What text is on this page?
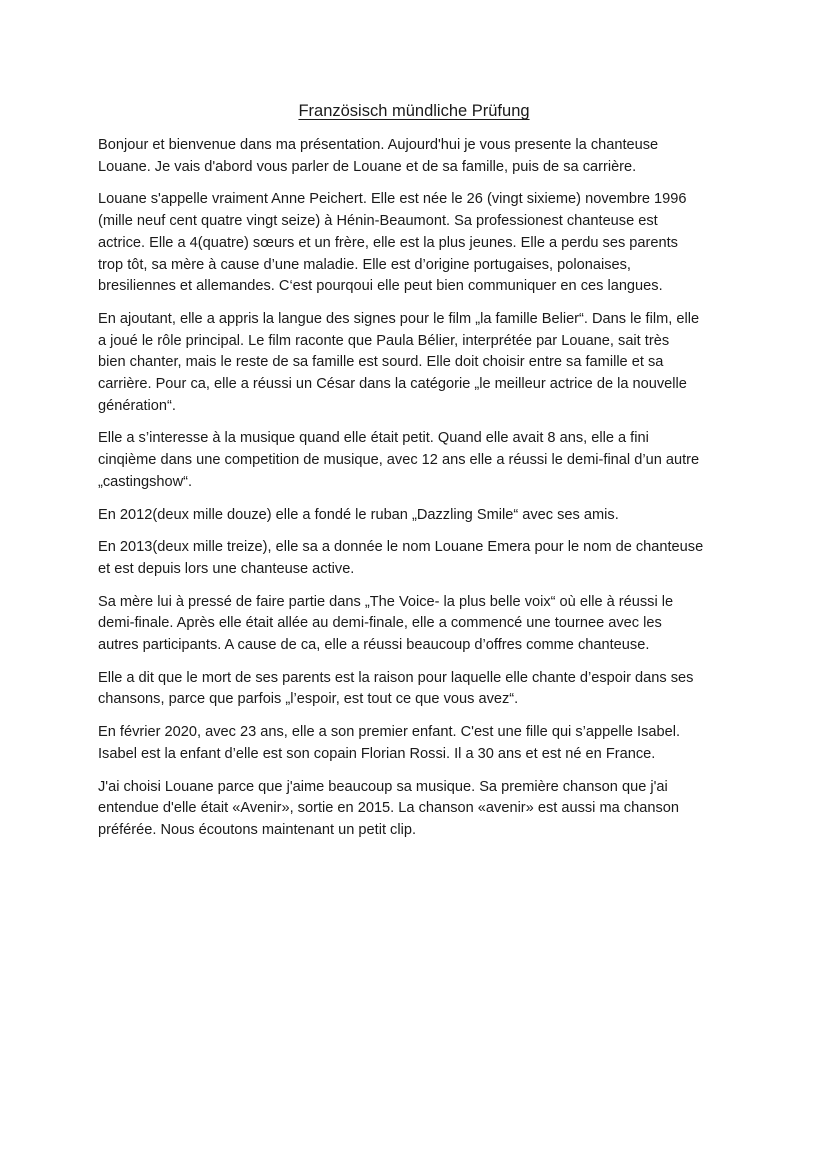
Französisch mündliche Prüfung

Bonjour et bienvenue dans ma présentation. Aujourd'hui je vous presente la chanteuse
Louane. Je vais d'abord vous parler de Louane et de sa famille, puis de sa carrière.

Louane s'appelle vraiment Anne Peichert. Elle est née le 26 (vingt sixieme) novembre 1996
(mille neuf cent quatre vingt seize) à Hénin-Beaumont. Sa professionest chanteuse est
actrice. Elle a 4(quatre) sœurs et un frère, elle est la plus jeunes. Elle a perdu ses parents
trop tôt, sa mère à cause d’une maladie. Elle est d’origine portugaises, polonaises,
bresiliennes et allemandes. C‘est pourqoui elle peut bien communiquer en ces langues.

En ajoutant, elle a appris la langue des signes pour le film „la famille Belier“. Dans le film, elle
a joué le rôle principal. Le film raconte que Paula Bélier, interprétée par Louane, sait très
bien chanter, mais le reste de sa famille est sourd. Elle doit choisir entre sa famille et sa
carrière. Pour ca, elle a réussi un César dans la catégorie „le meilleur actrice de la nouvelle
génération“.

Elle a s’interesse à la musique quand elle était petit. Quand elle avait 8 ans, elle a fini
cinqième dans une competition de musique, avec 12 ans elle a réussi le demi-final d’un autre
„castingshow“.

En 2012(deux mille douze) elle a fondé le ruban „Dazzling Smile“ avec ses amis.

En 2013(deux mille treize), elle sa a donnée le nom Louane Emera pour le nom de chanteuse
et est depuis lors une chanteuse active.

Sa mère lui à pressé de faire partie dans „The Voice- la plus belle voix“ où elle à réussi le
demi-finale. Après elle était allée au demi-finale, elle a commencé une tournee avec les
autres participants. A cause de ca, elle a réussi beaucoup d’offres comme chanteuse.

Elle a dit que le mort de ses parents est la raison pour laquelle elle chante d’espoir dans ses
chansons, parce que parfois „l’espoir, est tout ce que vous avez“.

En février 2020, avec 23 ans, elle a son premier enfant. C'est une fille qui s’appelle Isabel.
Isabel est la enfant d’elle est son copain Florian Rossi. Il a 30 ans et est né en France.

J'ai choisi Louane parce que j'aime beaucoup sa musique. Sa première chanson que j'ai
entendue d'elle était «Avenir», sortie en 2015. La chanson «avenir» est aussi ma chanson
préférée. Nous écoutons maintenant un petit clip.
